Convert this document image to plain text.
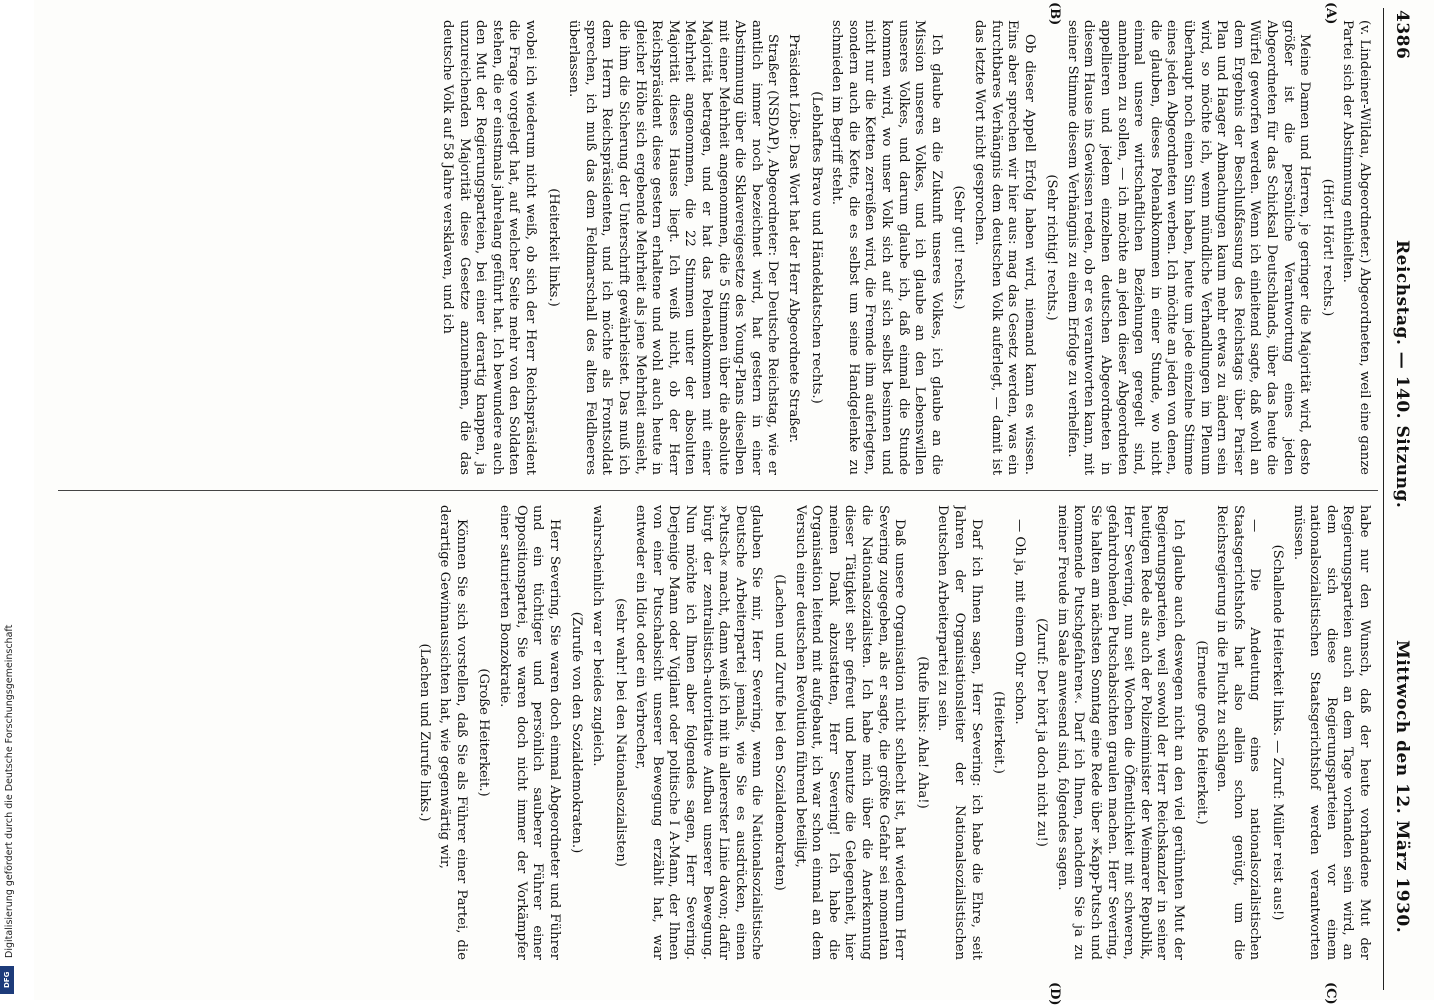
4386
Reichstag. — 140. Sitzung.
Mittwoch den 12. März 1930.
(A)
(B)
(C)
(D)

(v. Lindeiner-Wildau, Abgeordneter.) Abgeordneten, weil eine ganze Partei sich der Abstimmung enthielten.

(Hört! Hört! rechts.)

Meine Damen und Herren, je geringer die Majorität wird, desto größer ist die persönliche Verantwortung eines jeden Abgeordneten für das Schicksal Deutschlands, über das heute die Würfel geworfen werden. Wenn ich einleitend sagte, daß wohl an dem Ergebnis der Beschlußfassung des Reichstags über Pariser Plan und Haager Abmachungen kaum mehr etwas zu ändern sein wird, so möchte ich, wenn mündliche Verhandlungen im Plenum überhaupt noch einen Sinn haben, heute um jede einzelne Stimme eines jeden Abgeordneten werben. Ich möchte an jeden von denen, die glauben, dieses Polenabkommen in einer Stunde, wo nicht einmal unsere wirtschaftlichen Beziehungen geregelt sind, annehmen zu sollen, — ich möchte an jeden dieser Abgeordneten appellieren und jedem einzelnen deutschen Abgeordneten in diesem Hause ins Gewissen reden, ob er es verantworten kann, mit seiner Stimme diesem Verhängnis zu einem Erfolge zu verhelfen.

(Sehr richtig! rechts.)

Ob dieser Appell Erfolg haben wird, niemand kann es wissen. Eins aber sprechen wir hier aus: mag das Gesetz werden, was ein furchtbares Verhängnis dem deutschen Volk auferlegt, — damit ist das letzte Wort nicht gesprochen.

(Sehr gut! rechts.)

Ich glaube an die Zukunft unseres Volkes, ich glaube an die Mission unseres Volkes, und ich glaube an den Lebenswillen unseres Volkes, und darum glaube ich, daß einmal die Stunde kommen wird, wo unser Volk sich auf sich selbst besinnen und nicht nur die Ketten zerreißen wird, die Fremde ihm auferlegten, sondern auch die Kette, die es selbst um seine Handgelenke zu schmieden im Begriff steht.

(Lebhaftes Bravo und Händeklatschen rechts.)

Präsident Löbe: Das Wort hat der Herr Abgeordnete Straßer.

Straßer (NSDAP), Abgeordneter: Der Deutsche Reichstag, wie er amtlich immer noch bezeichnet wird, hat gestern in einer Abstimmung über die Sklavereigesetze des Young-Plans dieselben mit einer Mehrheit angenommen, die 5 Stimmen über die absolute Majorität betragen, und er hat das Polenabkommen mit einer Mehrheit angenommen, die 22 Stimmen unter der absoluten Majorität dieses Hauses liegt. Ich weiß nicht, ob der Herr Reichspräsident diese gestern erhaltene und wohl auch heute in gleicher Höhe sich ergebende Mehrheit als jene Mehrheit ansieht, die ihm die Sicherung der Unterschrift gewährleistet. Das muß ich dem Herrn Reichspräsidenten, und ich möchte als Frontsoldat sprechen, ich muß das dem Feldmarschall des alten Feldheeres überlassen.

(Heiterkeit links.)

wobei ich wiederum nicht weiß, ob sich der Herr Reichspräsident die Frage vorgelegt hat, auf welcher Seite mehr von den Soldaten stehen, die er einstmals jahrelang geführt hat. Ich bewundere auch den Mut der Regierungsparteien, bei einer derartig knappen, ja unzureichenden Majorität diese Gesetze anzunehmen, die das deutsche Volk auf 58 Jahre versklaven, und ich

habe nur den Wunsch, daß der heute vorhandene Mut der Regierungsparteien auch an dem Tage vorhanden sein wird, an dem sich diese Regierungsparteien vor einem nationalsozialistischen Staatsgerichtshof werden verantworten müssen.

(Schallende Heiterkeit links. — Zuruf: Müller reist aus!)

— Die Andeutung eines nationalsozialistischen Staatsgerichtshofs hat also allein schon genügt, um die Reichsregierung in die Flucht zu schlagen.

(Erneute große Heiterkeit.)

Ich glaube auch deswegen nicht an den viel gerühmten Mut der Regierungsparteien, weil sowohl der Herr Reichskanzler in seiner heutigen Rede als auch der Polizeiminister der Weimarer Republik, Herr Severing, nun seit Wochen die Öffentlichkeit mit schweren, gefahrdrohenden Putschabsichten graulen machen. Herr Severing, Sie halten am nächsten Sonntag eine Rede über »Kapp-Putsch und kommende Putschgefahren«. Darf ich Ihnen, nachdem Sie ja zu meiner Freude im Saale anwesend sind, folgendes sagen.

(Zuruf: Der hört ja doch nicht zu!)

— Oh ja, mit einem Ohr schon.

(Heiterkeit.)

Darf ich Ihnen sagen, Herr Severing: ich habe die Ehre, seit Jahren der Organisationsleiter der Nationalsozialistischen Deutschen Arbeiterpartei zu sein.

(Rufe links: Aha! Aha!)

Daß unsere Organisation nicht schlecht ist, hat wiederum Herr Severing zugegeben, als er sagte, die größte Gefahr sei momentan die Nationalsozialisten. Ich habe mich über die Anerkennung dieser Tätigkeit sehr gefreut und benutze die Gelegenheit, hier meinen Dank abzustatten, Herr Severing! Ich habe die Organisation leitend mit aufgebaut, ich war schon einmal an dem Versuch einer deutschen Revolution führend beteiligt,

(Lachen und Zurufe bei den Sozialdemokraten)

glauben Sie mir, Herr Severing, wenn die Nationalsozialistische Deutsche Arbeiterpartei jemals, wie Sie es ausdrücken, einen »Putsch« macht, dann weiß ich mit in allererster Linie davon; dafür bürgt der zentralistisch-autoritative Aufbau unserer Bewegung. Nun möchte ich Ihnen aber folgendes sagen, Herr Severing. Derjenige Mann oder Vigilant oder politische I A-Mann, der Ihnen von einer Putschabsicht unserer Bewegung erzählt hat, war entweder ein Idiot oder ein Verbrecher,

(sehr wahr! bei den Nationalsozialisten)

wahrscheinlich war er beides zugleich.

(Zurufe von den Sozialdemokraten.)

Herr Severing, Sie waren doch einmal Abgeordneter und Führer und ein tüchtiger und persönlich sauberer Führer einer Oppositionspartei, Sie waren doch nicht immer der Vorkämpfer einer saturierten Bonzokratie.

(Große Heiterkeit.)

Können Sie sich vorstellen, daß Sie als Führer einer Partei, die derartige Gewinnaussichten hat, wie gegenwärtig wir,

(Lachen und Zurufe links.)

Digitalisierung gefördert durch die Deutsche Forschungsgemeinschaft
DFG
